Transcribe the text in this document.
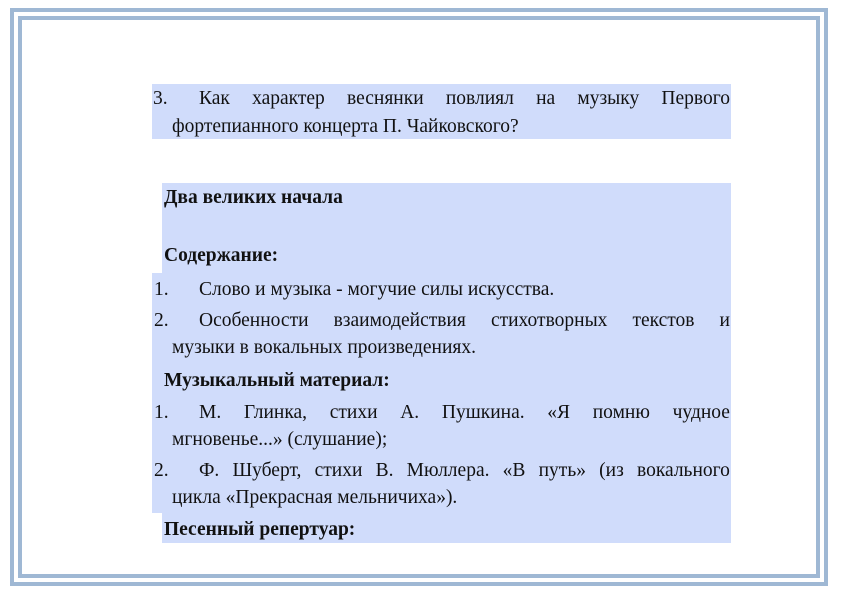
3. Как характер веснянки повлиял на музыку Первого
фортепианного концерта П. Чайковского?
Два великих начала
Содержание:
1. Слово и музыка - могучие силы искусства.
2. Особенности взаимодействия стихотворных текстов и
музыки в вокальных произведениях.
Музыкальный материал:
1. М. Глинка, стихи А. Пушкина. «Я помню чудное
мгновенье...» (слушание);
2. Ф. Шуберт, стихи В. Мюллера. «В путь» (из вокального
цикла «Прекрасная мельничиха»).
Песенный репертуар:
